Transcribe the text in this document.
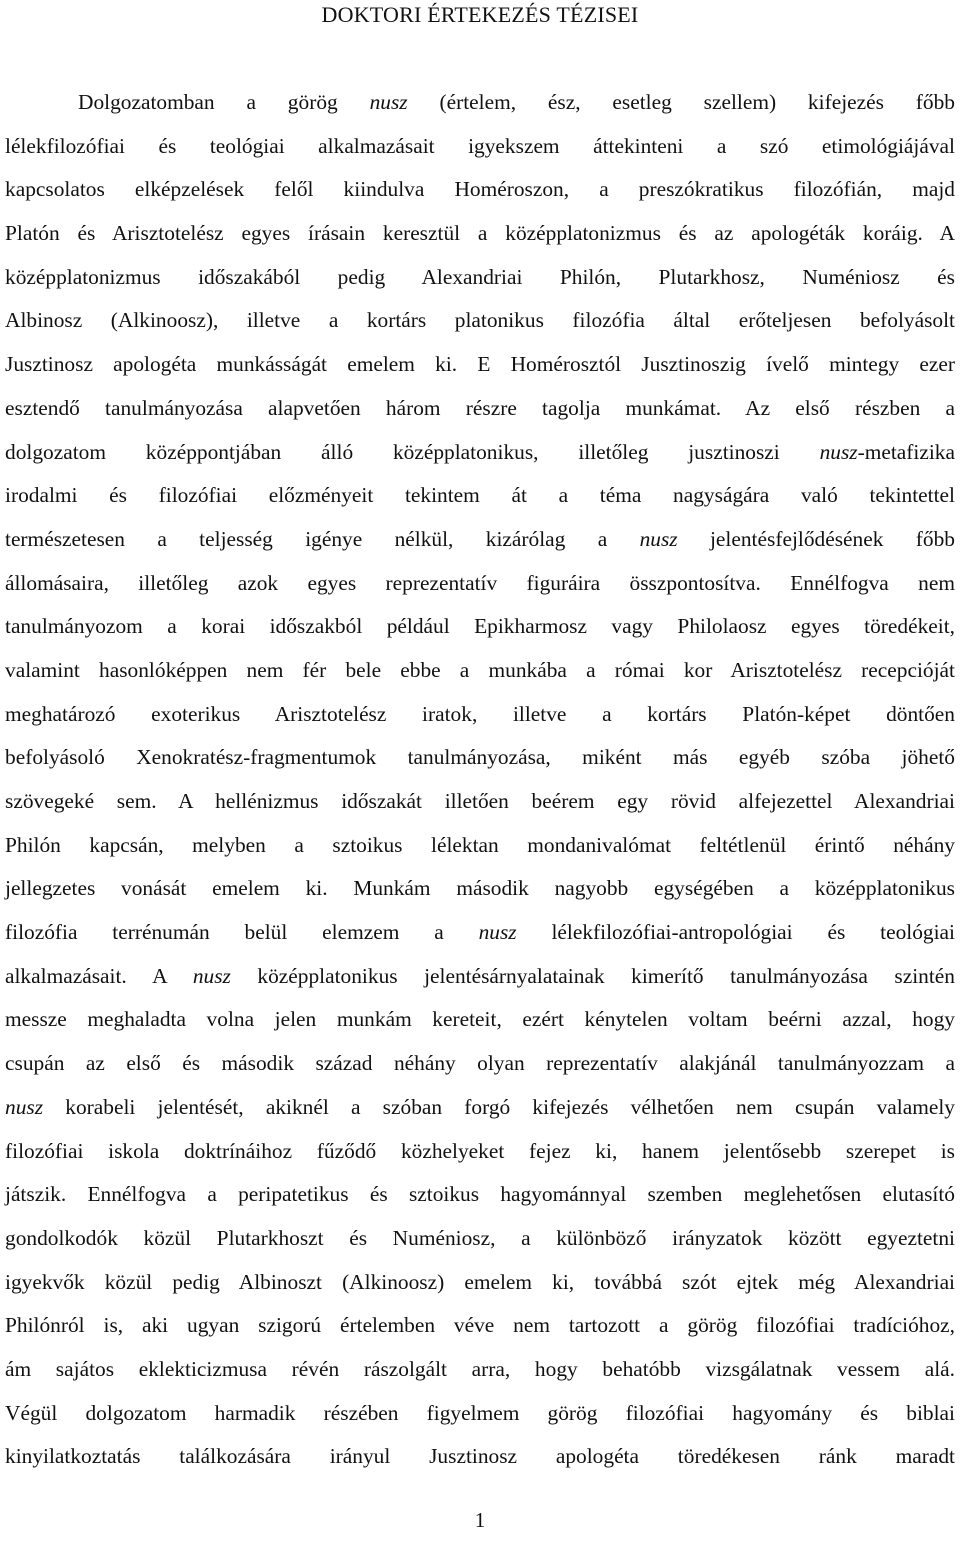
DOKTORI ÉRTEKEZÉS TÉZISEI
Dolgozatomban a görög nusz (értelem, ész, esetleg szellem) kifejezés főbb
lélekfilozófiai és teológiai alkalmazásait igyekszem áttekinteni a szó etimológiájával
kapcsolatos elképzelések felől kiindulva Homéroszon, a preszókratikus filozófián, majd
Platón és Arisztotelész egyes írásain keresztül a középplatonizmus és az apologéták koráig. A
középplatonizmus időszakából pedig Alexandriai Philón, Plutarkhosz, Numéniosz és
Albinosz (Alkinoosz), illetve a kortárs platonikus filozófia által erőteljesen befolyásolt
Jusztinosz apologéta munkásságát emelem ki. E Homérosztól Jusztinoszig ívelő mintegy ezer
esztendő tanulmányozása alapvetően három részre tagolja munkámat. Az első részben a
dolgozatom középpontjában álló középplatonikus, illetőleg jusztinoszi nusz-metafizika
irodalmi és filozófiai előzményeit tekintem át a téma nagyságára való tekintettel
természetesen a teljesség igénye nélkül, kizárólag a nusz jelentésfejlődésének főbb
állomásaira, illetőleg azok egyes reprezentatív figuráira összpontosítva. Ennélfogva nem
tanulmányozom a korai időszakból például Epikharmosz vagy Philolaosz egyes töredékeit,
valamint hasonlóképpen nem fér bele ebbe a munkába a római kor Arisztotelész recepcióját
meghatározó exoterikus Arisztotelész iratok, illetve a kortárs Platón-képet döntően
befolyásoló Xenokratész-fragmentumok tanulmányozása, miként más egyéb szóba jöhető
szövegeké sem. A hellénizmus időszakát illetően beérem egy rövid alfejezettel Alexandriai
Philón kapcsán, melyben a sztoikus lélektan mondanivalómat feltétlenül érintő néhány
jellegzetes vonását emelem ki. Munkám második nagyobb egységében a középplatonikus
filozófia terrénumán belül elemzem a nusz lélekfilozófiai-antropológiai és teológiai
alkalmazásait. A nusz középplatonikus jelentésárnyalatainak kimerítő tanulmányozása szintén
messze meghaladta volna jelen munkám kereteit, ezért kénytelen voltam beérni azzal, hogy
csupán az első és második század néhány olyan reprezentatív alakjánál tanulmányozzam a
nusz korabeli jelentését, akiknél a szóban forgó kifejezés vélhetően nem csupán valamely
filozófiai iskola doktrínáihoz fűződő közhelyeket fejez ki, hanem jelentősebb szerepet is
játszik. Ennélfogva a peripatetikus és sztoikus hagyománnyal szemben meglehetősen elutasító
gondolkodók közül Plutarkhoszt és Numéniosz, a különböző irányzatok között egyeztetni
igyekvők közül pedig Albinoszt (Alkinoosz) emelem ki, továbbá szót ejtek még Alexandriai
Philónról is, aki ugyan szigorú értelemben véve nem tartozott a görög filozófiai tradícióhoz,
ám sajátos eklekticizmusa révén rászolgált arra, hogy behatóbb vizsgálatnak vessem alá.
Végül dolgozatom harmadik részében figyelmem görög filozófiai hagyomány és biblai
kinyilatkoztatás találkozására irányul Jusztinosz apologéta töredékesen ránk maradt
1
